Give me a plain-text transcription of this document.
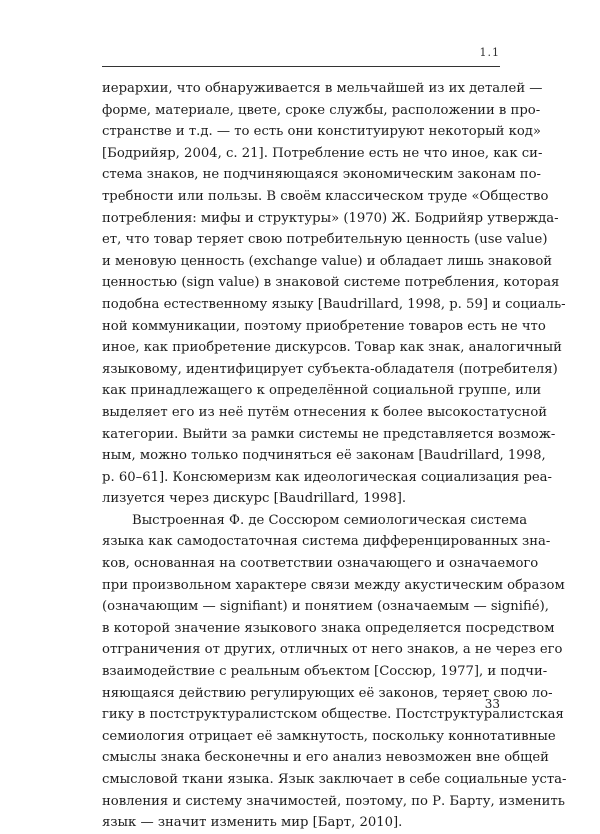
1.1
иерархии, что обнаруживается в мельчайшей из их деталей —
форме, материале, цвете, сроке службы, расположении в про-
странстве и т.д. — то есть они конституируют некоторый код»
[Бодрийяр, 2004, с. 21]. Потребление есть не что иное, как си-
стема знаков, не подчиняющаяся экономическим законам по-
требности или пользы. В своём классическом труде «Общество
потребления: мифы и структуры» (1970) Ж. Бодрийяр утвержда-
ет, что товар теряет свою потребительную ценность (use value)
и меновую ценность (exchange value) и обладает лишь знаковой
ценностью (sign value) в знаковой системе потребления, которая
подобна естественному языку [Baudrillard, 1998, p. 59] и социаль-
ной коммуникации, поэтому приобретение товаров есть не что
иное, как приобретение дискурсов. Товар как знак, аналогичный
языковому, идентифицирует субъекта-обладателя (потребителя)
как принадлежащего к определённой социальной группе, или
выделяет его из неё путём отнесения к более высокостатусной
категории. Выйти за рамки системы не представляется возмож-
ным, можно только подчиняться её законам [Baudrillard, 1998,
p. 60–61]. Консюмеризм как идеологическая социализация реа-
лизуется через дискурс [Baudrillard, 1998].
Выстроенная Ф. де Соссюром семиологическая система
языка как самодостаточная система дифференцированных зна-
ков, основанная на соответствии означающего и означаемого
при произвольном характере связи между акустическим образом
(означающим — signifiant) и понятием (означаемым — signifié),
в которой значение языкового знака определяется посредством
отграничения от других, отличных от него знаков, а не через его
взаимодействие с реальным объектом [Соссюр, 1977], и подчи-
няющаяся действию регулирующих её законов, теряет свою ло-
гику в постструктуралистском обществе. Постструктуралистская
семиология отрицает её замкнутость, поскольку коннотативные
смыслы знака бесконечны и его анализ невозможен вне общей
смысловой ткани языка. Язык заключает в себе социальные уста-
новления и систему значимостей, поэтому, по Р. Барту, изменить
язык — значит изменить мир [Барт, 2010].
33
